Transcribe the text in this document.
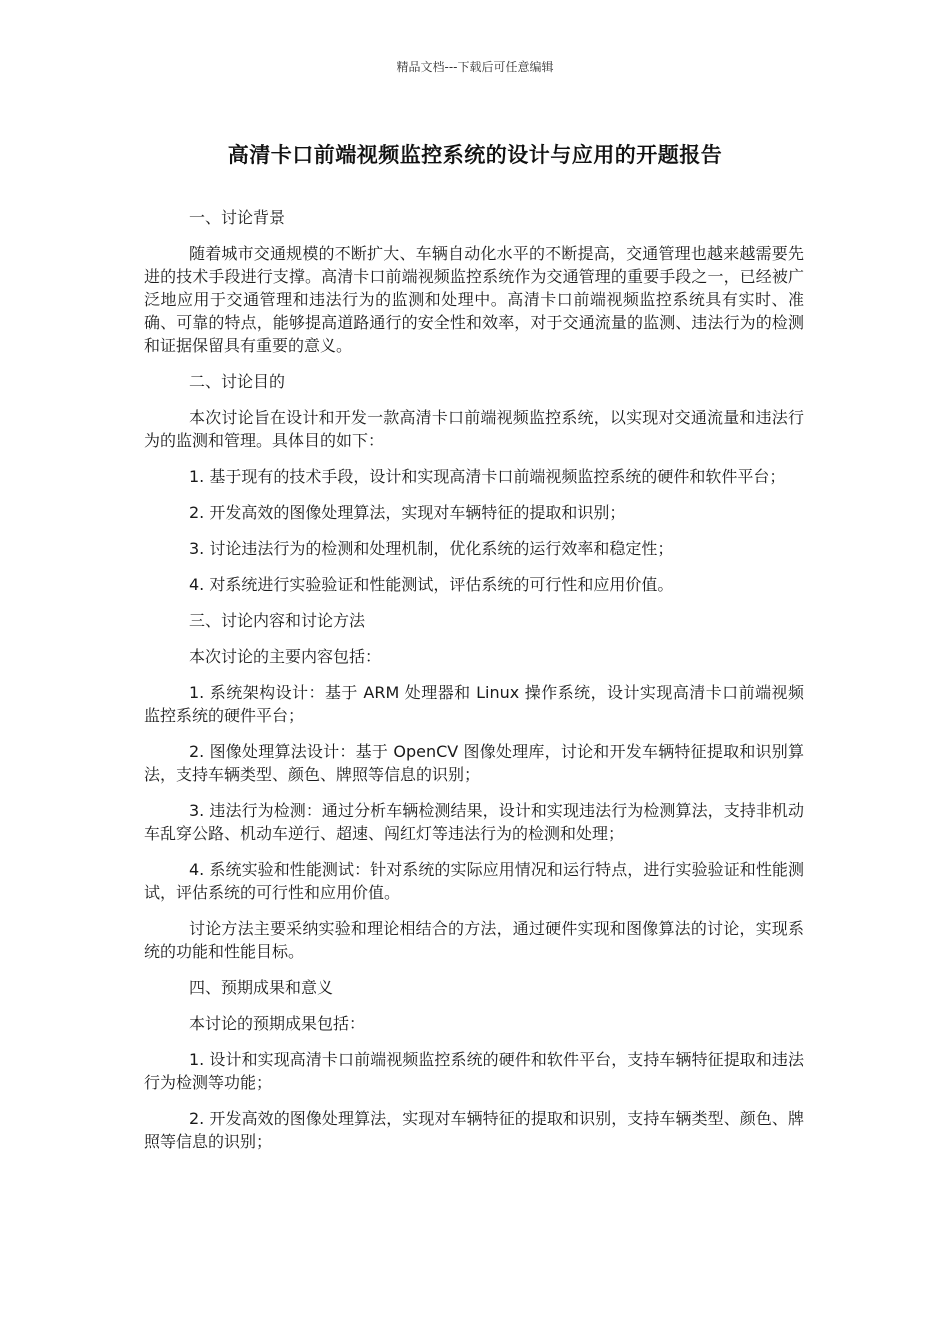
精品文档---下载后可任意编辑
高清卡口前端视频监控系统的设计与应用的开题报告

一、讨论背景

随着城市交通规模的不断扩大、车辆自动化水平的不断提高，交通管理也越来越需要先进的技术手段进行支撑。高清卡口前端视频监控系统作为交通管理的重要手段之一，已经被广泛地应用于交通管理和违法行为的监测和处理中。高清卡口前端视频监控系统具有实时、准确、可靠的特点，能够提高道路通行的安全性和效率，对于交通流量的监测、违法行为的检测和证据保留具有重要的意义。

二、讨论目的

本次讨论旨在设计和开发一款高清卡口前端视频监控系统，以实现对交通流量和违法行为的监测和管理。具体目的如下：

1. 基于现有的技术手段，设计和实现高清卡口前端视频监控系统的硬件和软件平台；

2. 开发高效的图像处理算法，实现对车辆特征的提取和识别；

3. 讨论违法行为的检测和处理机制，优化系统的运行效率和稳定性；

4. 对系统进行实验验证和性能测试，评估系统的可行性和应用价值。

三、讨论内容和讨论方法

本次讨论的主要内容包括：

1. 系统架构设计：基于 ARM 处理器和 Linux 操作系统，设计实现高清卡口前端视频监控系统的硬件平台；

2. 图像处理算法设计：基于 OpenCV 图像处理库，讨论和开发车辆特征提取和识别算法，支持车辆类型、颜色、牌照等信息的识别；

3. 违法行为检测：通过分析车辆检测结果，设计和实现违法行为检测算法，支持非机动车乱穿公路、机动车逆行、超速、闯红灯等违法行为的检测和处理；

4. 系统实验和性能测试：针对系统的实际应用情况和运行特点，进行实验验证和性能测试，评估系统的可行性和应用价值。

讨论方法主要采纳实验和理论相结合的方法，通过硬件实现和图像算法的讨论，实现系统的功能和性能目标。

四、预期成果和意义

本讨论的预期成果包括：

1. 设计和实现高清卡口前端视频监控系统的硬件和软件平台，支持车辆特征提取和违法行为检测等功能；

2. 开发高效的图像处理算法，实现对车辆特征的提取和识别，支持车辆类型、颜色、牌照等信息的识别；
